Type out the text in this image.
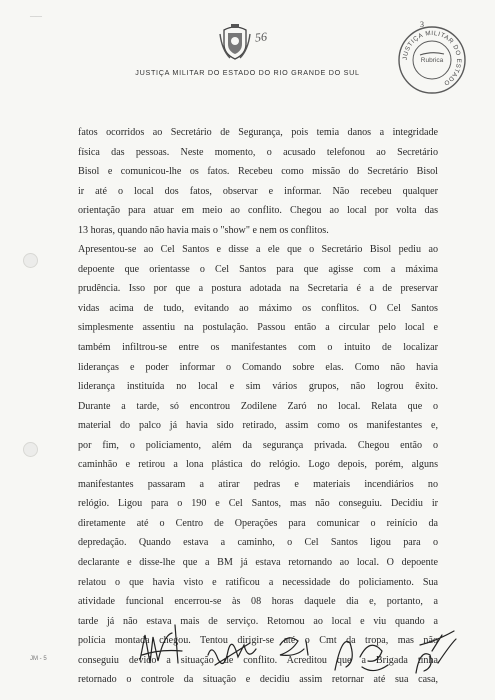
——
56
3
JUSTIÇA MILITAR DO ESTADO
Rubrica
JUSTIÇA MILITAR DO ESTADO DO RIO GRANDE DO SUL
fatos ocorridos ao Secretário de Segurança, pois temia danos a integridade
física das pessoas. Neste momento, o acusado telefonou ao Secretário
Bisol e comunicou-lhe os fatos. Recebeu como missão do Secretário Bisol
ir até o local dos fatos, observar e informar. Não recebeu qualquer
orientação para atuar em meio ao conflito. Chegou ao local por volta das
13 horas, quando não havia mais o "show" e nem os conflitos.
Apresentou-se ao Cel Santos e disse a ele que o Secretário Bisol pediu ao
depoente que orientasse o Cel Santos para que agisse com a máxima
prudência. Isso por que a postura adotada na Secretaria é a de preservar
vidas acima de tudo, evitando ao máximo os conflitos. O Cel Santos
simplesmente assentiu na postulação. Passou então a circular pelo local e
também infiltrou-se entre os manifestantes com o intuito de localizar
lideranças e poder informar o Comando sobre elas. Como não havia
liderança instituída no local e sim vários grupos, não logrou êxito.
Durante a tarde, só encontrou Zodilene Zaró no local. Relata que o
material do palco já havia sido retirado, assim como os manifestantes e,
por fim, o policiamento, além da segurança privada. Chegou então o
caminhão e retirou a lona plástica do relógio. Logo depois, porém, alguns
manifestantes passaram a atirar pedras e materiais incendiários no
relógio. Ligou para o 190 e Cel Santos, mas não conseguiu. Decidiu ir
diretamente até o Centro de Operações para comunicar o reinício da
depredação. Quando estava a caminho, o Cel Santos ligou para o
declarante e disse-lhe que a BM já estava retornando ao local. O depoente
relatou o que havia visto e ratificou a necessidade do policiamento. Sua
atividade funcional encerrou-se às 08 horas daquele dia e, portanto, a
tarde já não estava mais de serviço. Retornou ao local e viu quando a
polícia montada chegou. Tentou dirigir-se até o Cmt da tropa, mas não
conseguiu devido a situação de conflito. Acreditou que a Brigada tinha
retornado o controle da situação e decidiu assim retornar até sua casa,
JM - 5
